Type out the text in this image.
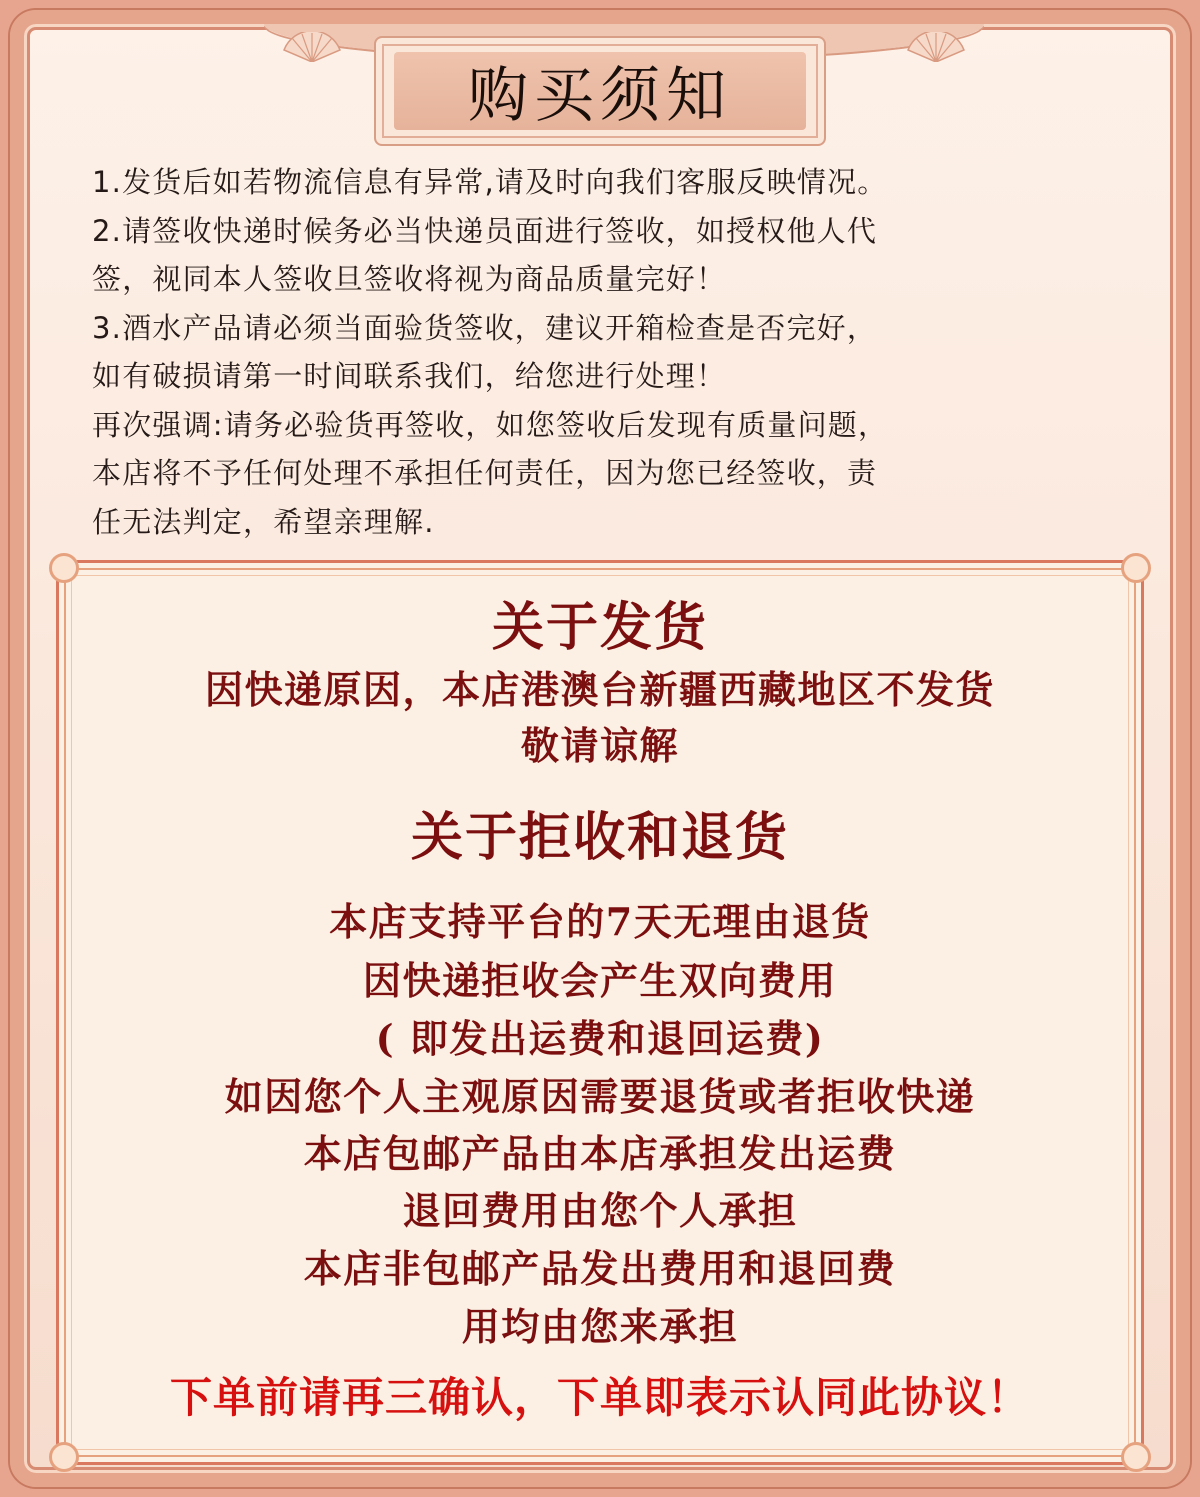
购买须知

1.发货后如若物流信息有异常,请及时向我们客服反映情况。

2.请签收快递时候务必当快递员面进行签收，如授权他人代

签，视同本人签收旦签收将视为商品质量完好！

3.酒水产品请必须当面验货签收，建议开箱检查是否完好，

如有破损请第一时间联系我们，给您进行处理！

再次强调:请务必验货再签收，如您签收后发现有质量问题，

本店将不予任何处理不承担任何责任，因为您已经签收，责

任无法判定，希望亲理解.

关于发货
因快递原因，本店港澳台新疆西藏地区不发货
敬请谅解
关于拒收和退货
本店支持平台的7天无理由退货
因快递拒收会产生双向费用
( 即发出运费和退回运费)
如因您个人主观原因需要退货或者拒收快递
本店包邮产品由本店承担发出运费
退回费用由您个人承担
本店非包邮产品发出费用和退回费
用均由您来承担
下单前请再三确认，下单即表示认同此协议！
